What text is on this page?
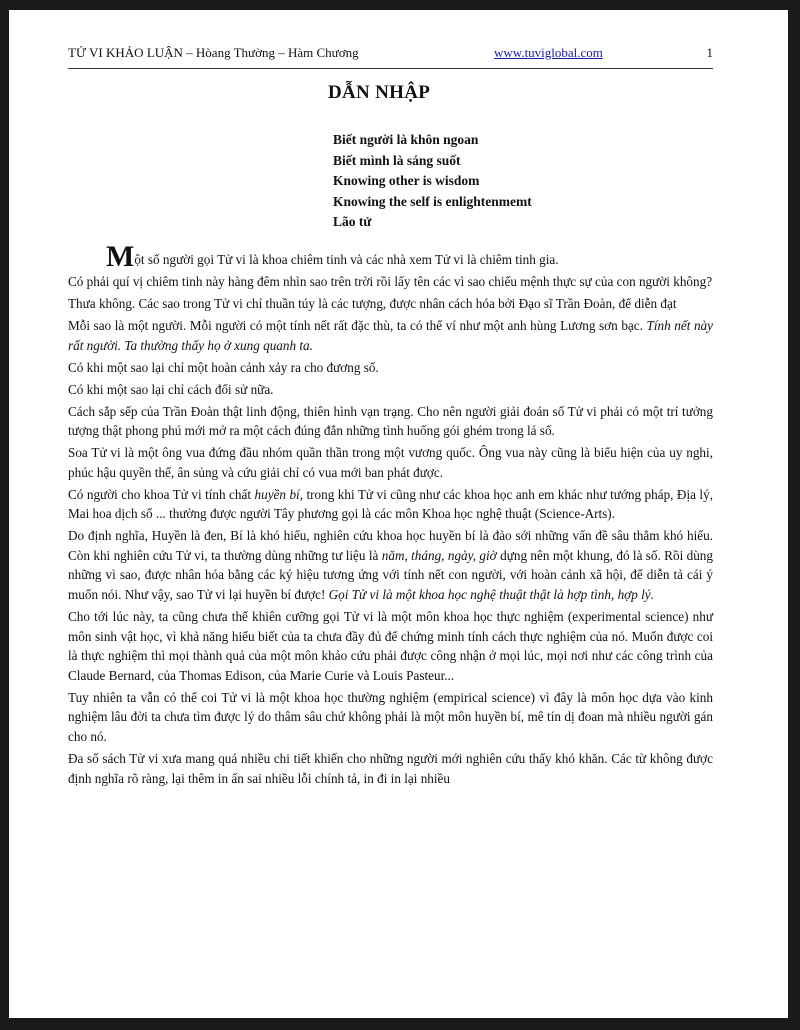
TỬ VI KHẢO LUẬN – Hòang Thường – Hàm Chương	www.tuviglobal.com	1
DẪN NHẬP
Biết người là khôn ngoan
Biết mình là sáng suốt
Knowing other is wisdom
Knowing the self is enlightenmemt
Lão tử

Một số người gọi Tử vi là khoa chiêm tinh và các nhà xem Tử vi là chiêm tinh gia.

Có phải quí vị chiêm tinh này hàng đêm nhìn sao trên trời rồi lấy tên các vì sao chiếu mệnh thực sự của con người không?

Thưa không. Các sao trong Tử vi chỉ thuần túy là các tượng, được nhân cách hóa bởi Đạo sĩ Trần Đoàn, để diễn đạt

Mỗi sao là một người. Mỗi người có một tính nết rất đặc thù, ta có thể ví như một anh hùng Lương sơn bạc. Tính nết này rất người. Ta thường thấy họ ở xung quanh ta.

Có khi một sao lại chỉ một hoàn cảnh xảy ra cho đương số.

Có khi một sao lại chỉ cách đối sử nữa.

Cách sắp sếp của Trần Đoàn thật linh động, thiên hình vạn trạng. Cho nên người giải đoán số Tử vi phải có một trí tưởng tượng thật phong phú mới mở ra một cách đúng đắn những tình huống gói ghém trong lá số.

Soa Tử vi là một ông vua đứng đầu nhóm quần thần trong một vương quốc. Ông vua này cũng là biểu hiện của uy nghi, phúc hậu quyền thế, ân sủng và cứu giải chỉ có vua mới ban phát được.

Có người cho khoa Tử vi tính chất huyền bí, trong khi Tử vi cũng như các khoa học anh em khác như tướng pháp, Địa lý, Mai hoa dịch số ... thường được người Tây phương gọi là các môn Khoa học nghệ thuật (Science-Arts).

Do định nghĩa, Huyền là đen, Bí là khó hiểu, nghiên cứu khoa học huyền bí là đào sới những vấn đề sâu thẳm khó hiểu. Còn khi nghiên cứu Tử vi, ta thường dùng những tư liệu là năm, tháng, ngày, giờ dựng nên một khung, đó là số. Rồi dùng những vì sao, được nhân hóa bằng các ký hiệu tương ứng với tính nết con người, với hoàn cảnh xã hội, để diễn tả cái ý muốn nói. Như vậy, sao Tử vi lại huyền bí được! Gọi Tử vi là một khoa học nghệ thuật thật là hợp tình, hợp lý.

Cho tới lúc này, ta cũng chưa thể khiên cưỡng gọi Tử vi là một môn khoa học thực nghiệm (experimental science) như môn sinh vật học, vì khả năng hiểu biết của ta chưa đầy đủ để chứng minh tính cách thực nghiệm của nó. Muốn được coi là thực nghiệm thì mọi thành quả của một môn khảo cứu phải được công nhận ở mọi lúc, mọi nơi như các công trình của Claude Bernard, của Thomas Edison, của Marie Curie và Louis Pasteur...

Tuy nhiên ta vẫn có thể coi Tử vi là một khoa học thường nghiệm (empirical science) vì đây là môn học dựa vào kinh nghiệm lâu đời ta chưa tìm được lý do thâm sâu chứ không phải là một môn huyền bí, mê tín dị đoan mà nhiều người gán cho nó.

Đa số sách Tử vi xưa mang quá nhiều chi tiết khiến cho những người mới nghiên cứu thấy khó khăn. Các từ không được định nghĩa rõ ràng, lại thêm in ấn sai nhiều lỗi chính tả, in đi in lại nhiều
